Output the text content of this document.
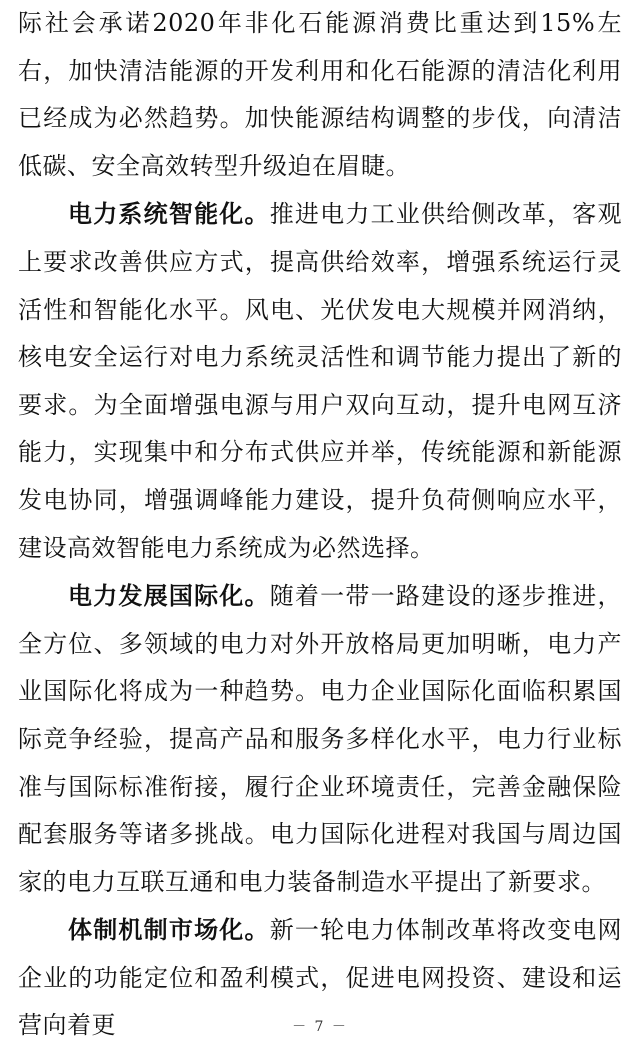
际社会承诺2020年非化石能源消费比重达到15%左右，加快清洁能源的开发利用和化石能源的清洁化利用已经成为必然趋势。加快能源结构调整的步伐，向清洁低碳、安全高效转型升级迫在眉睫。

电力系统智能化。推进电力工业供给侧改革，客观上要求改善供应方式，提高供给效率，增强系统运行灵活性和智能化水平。风电、光伏发电大规模并网消纳，核电安全运行对电力系统灵活性和调节能力提出了新的要求。为全面增强电源与用户双向互动，提升电网互济能力，实现集中和分布式供应并举，传统能源和新能源发电协同，增强调峰能力建设，提升负荷侧响应水平，建设高效智能电力系统成为必然选择。

电力发展国际化。随着一带一路建设的逐步推进，全方位、多领域的电力对外开放格局更加明晰，电力产业国际化将成为一种趋势。电力企业国际化面临积累国际竞争经验，提高产品和服务多样化水平，电力行业标准与国际标准衔接，履行企业环境责任，完善金融保险配套服务等诸多挑战。电力国际化进程对我国与周边国家的电力互联互通和电力装备制造水平提出了新要求。

体制机制市场化。新一轮电力体制改革将改变电网企业的功能定位和盈利模式，促进电网投资、建设和运营向着更	－ 7 －
